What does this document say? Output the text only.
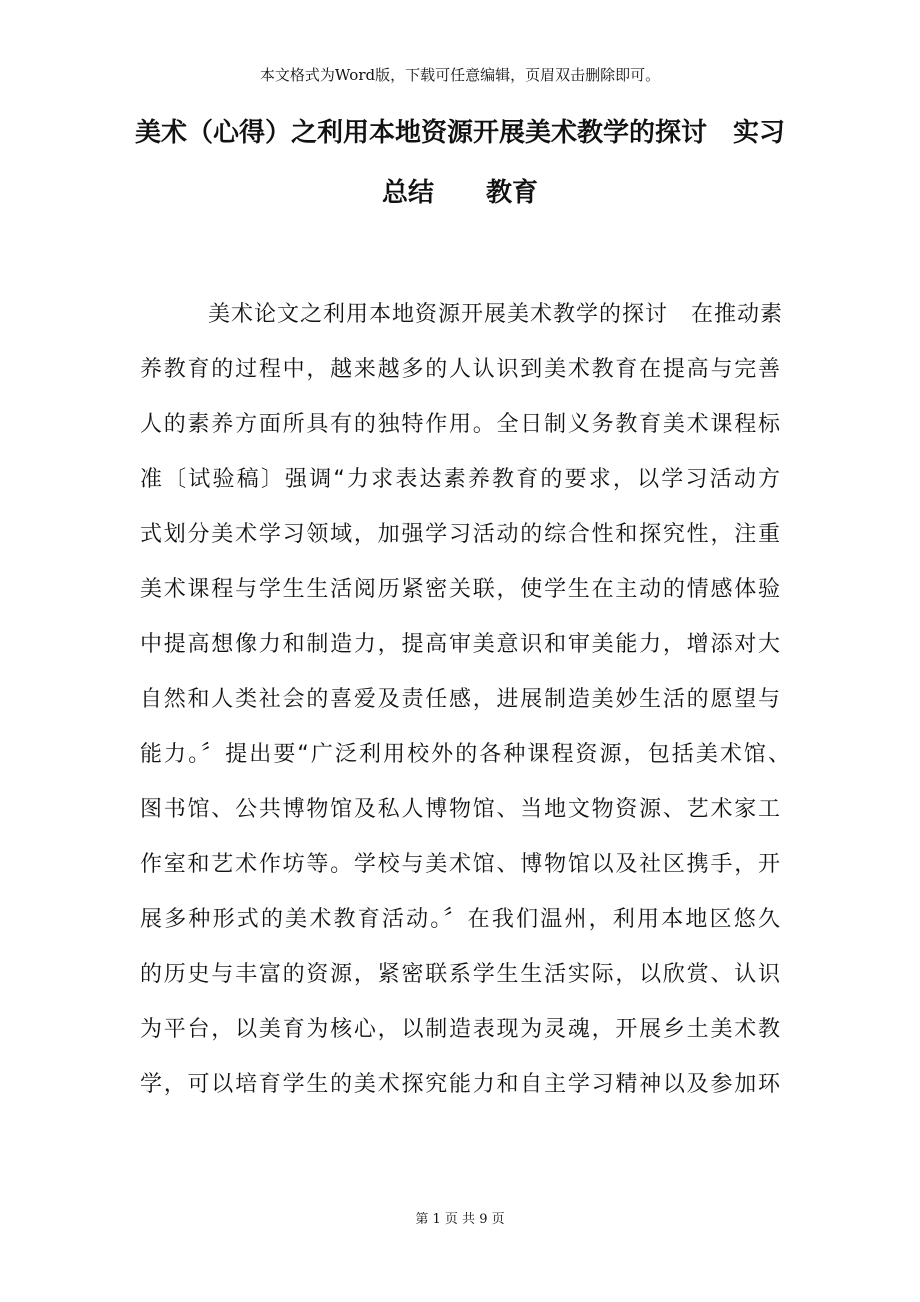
本文格式为Word版，下载可任意编辑，页眉双击删除即可。
美术（心得）之利用本地资源开展美术教学的探讨　实习
总结　　教育
美术论文之利用本地资源开展美术教学的探讨　在推动素
养教育的过程中，越来越多的人认识到美术教育在提高与完善
人的素养方面所具有的独特作用。全日制义务教育美术课程标
准〔试验稿〕强调“力求表达素养教育的要求，以学习活动方
式划分美术学习领域，加强学习活动的综合性和探究性，注重
美术课程与学生生活阅历紧密关联，使学生在主动的情感体验
中提高想像力和制造力，提高审美意识和审美能力，增添对大
自然和人类社会的喜爱及责任感，进展制造美妙生活的愿望与
能力。〞提出要“广泛利用校外的各种课程资源，包括美术馆、
图书馆、公共博物馆及私人博物馆、当地文物资源、艺术家工
作室和艺术作坊等。学校与美术馆、博物馆以及社区携手，开
展多种形式的美术教育活动。〞在我们温州，利用本地区悠久
的历史与丰富的资源，紧密联系学生生活实际，以欣赏、认识
为平台，以美育为核心，以制造表现为灵魂，开展乡土美术教
学，可以培育学生的美术探究能力和自主学习精神以及参加环
第 1 页 共 9 页
